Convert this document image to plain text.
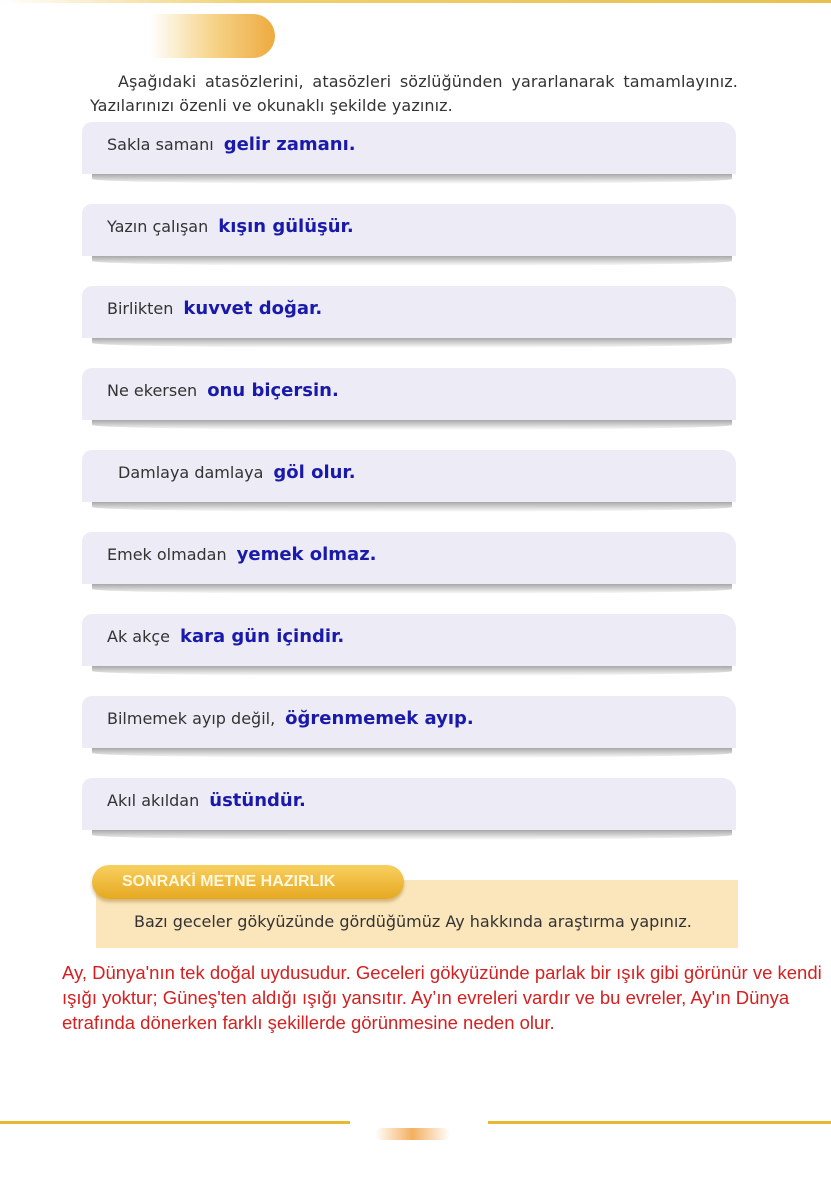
Aşağıdaki atasözlerini, atasözleri sözlüğünden yararlanarak tamamlayınız. Yazılarınızı özenli ve okunaklı şekilde yazınız.

Sakla samanı gelir zamanı.
Yazın çalışan kışın gülüşür.
Birlikten kuvvet doğar.
Ne ekersen onu biçersin.
Damlaya damlaya göl olur.
Emek olmadan yemek olmaz.
Ak akçe kara gün içindir.
Bilmemek ayıp değil, öğrenmemek ayıp.
Akıl akıldan üstündür.
SONRAKİ METNE HAZIRLIK
Bazı geceler gökyüzünde gördüğümüz Ay hakkında araştırma yapınız.
Ay, Dünya'nın tek doğal uydusudur. Geceleri gökyüzünde parlak bir ışık gibi görünür ve kendi ışığı yoktur; Güneş'ten aldığı ışığı yansıtır. Ay’ın evreleri vardır ve bu evreler, Ay'ın Dünya etrafında dönerken farklı şekillerde görünmesine neden olur.
